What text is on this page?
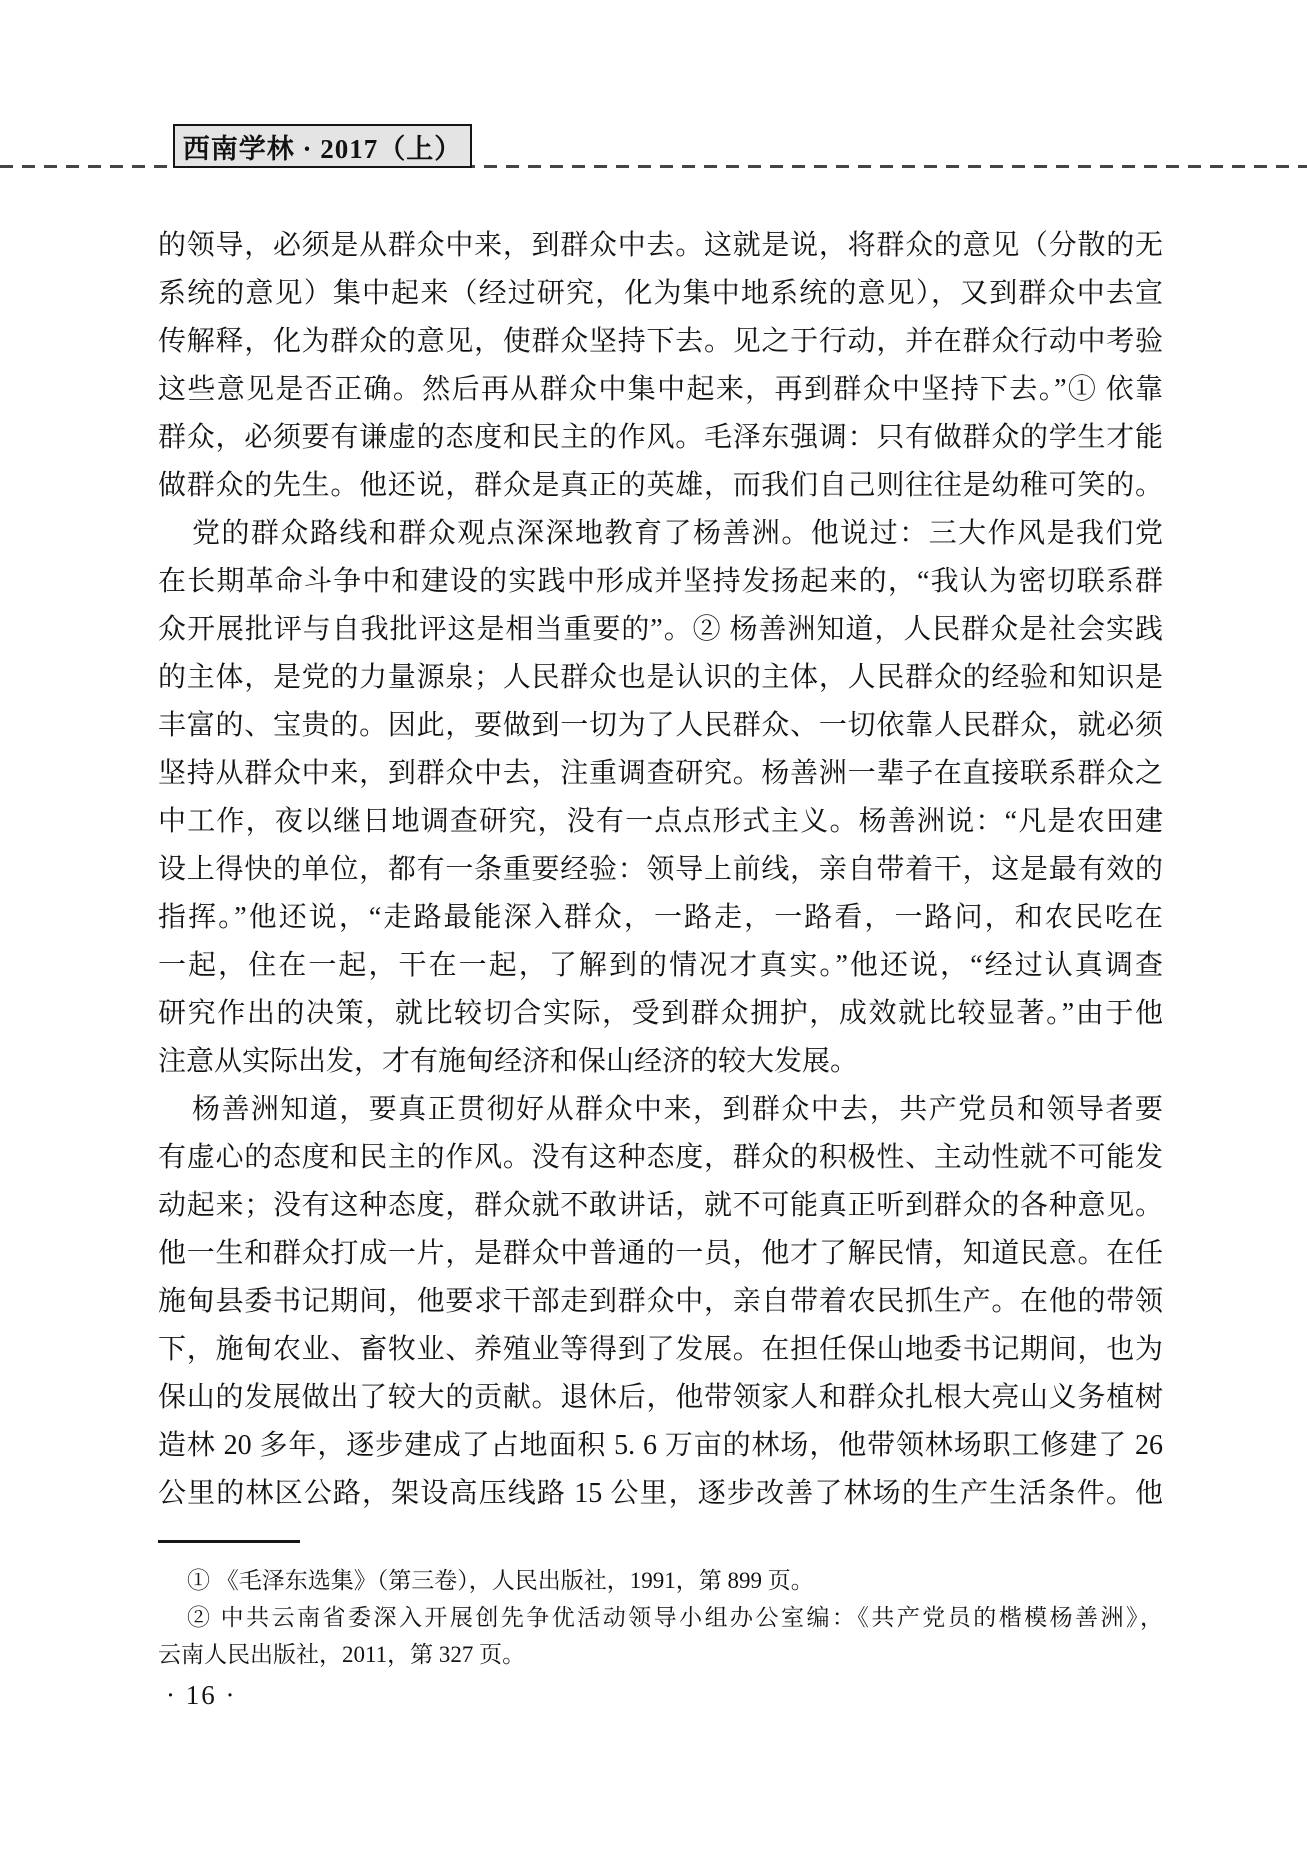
西南学林 · 2017（上）
的领导，必须是从群众中来，到群众中去。这就是说，将群众的意见（分散的无
系统的意见）集中起来（经过研究，化为集中地系统的意见），又到群众中去宣
传解释，化为群众的意见，使群众坚持下去。见之于行动，并在群众行动中考验
这些意见是否正确。然后再从群众中集中起来，再到群众中坚持下去。”① 依靠
群众，必须要有谦虚的态度和民主的作风。毛泽东强调：只有做群众的学生才能
做群众的先生。他还说，群众是真正的英雄，而我们自己则往往是幼稚可笑的。
党的群众路线和群众观点深深地教育了杨善洲。他说过：三大作风是我们党
在长期革命斗争中和建设的实践中形成并坚持发扬起来的，“我认为密切联系群
众开展批评与自我批评这是相当重要的”。② 杨善洲知道，人民群众是社会实践
的主体，是党的力量源泉；人民群众也是认识的主体，人民群众的经验和知识是
丰富的、宝贵的。因此，要做到一切为了人民群众、一切依靠人民群众，就必须
坚持从群众中来，到群众中去，注重调查研究。杨善洲一辈子在直接联系群众之
中工作，夜以继日地调查研究，没有一点点形式主义。杨善洲说：“凡是农田建
设上得快的单位，都有一条重要经验：领导上前线，亲自带着干，这是最有效的
指挥。”他还说，“走路最能深入群众，一路走，一路看，一路问，和农民吃在
一起，住在一起，干在一起，了解到的情况才真实。”他还说，“经过认真调查
研究作出的决策，就比较切合实际，受到群众拥护，成效就比较显著。”由于他
注意从实际出发，才有施甸经济和保山经济的较大发展。
杨善洲知道，要真正贯彻好从群众中来，到群众中去，共产党员和领导者要
有虚心的态度和民主的作风。没有这种态度，群众的积极性、主动性就不可能发
动起来；没有这种态度，群众就不敢讲话，就不可能真正听到群众的各种意见。
他一生和群众打成一片，是群众中普通的一员，他才了解民情，知道民意。在任
施甸县委书记期间，他要求干部走到群众中，亲自带着农民抓生产。在他的带领
下，施甸农业、畜牧业、养殖业等得到了发展。在担任保山地委书记期间，也为
保山的发展做出了较大的贡献。退休后，他带领家人和群众扎根大亮山义务植树
造林 20 多年，逐步建成了占地面积 5. 6 万亩的林场，他带领林场职工修建了 26
公里的林区公路，架设高压线路 15 公里，逐步改善了林场的生产生活条件。他
① 《毛泽东选集》（第三卷），人民出版社，1991，第 899 页。
② 中共云南省委深入开展创先争优活动领导小组办公室编：《共产党员的楷模杨善洲》，
云南人民出版社，2011，第 327 页。
· 16 ·
